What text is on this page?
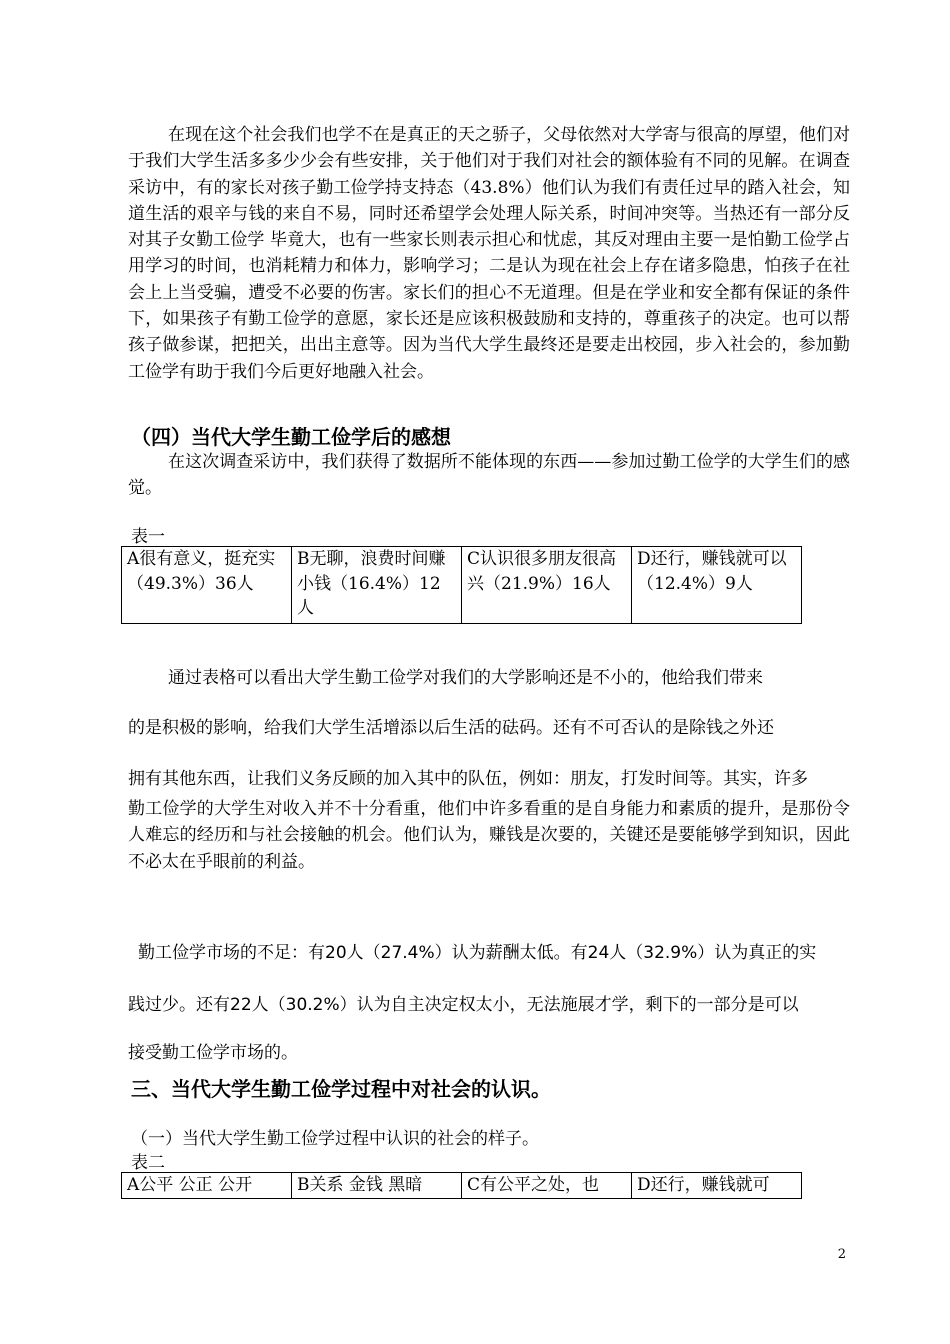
在现在这个社会我们也学不在是真正的天之骄子，父母依然对大学寄与很高的厚望，他们对于我们大学生活多多少少会有些安排，关于他们对于我们对社会的额体验有不同的见解。在调查采访中，有的家长对孩子勤工俭学持支持态（43.8%）他们认为我们有责任过早的踏入社会，知道生活的艰辛与钱的来自不易，同时还希望学会处理人际关系，时间冲突等。当热还有一部分反对其子女勤工俭学 毕竟大，也有一些家长则表示担心和忧虑，其反对理由主要一是怕勤工俭学占用学习的时间，也消耗精力和体力，影响学习；二是认为现在社会上存在诸多隐患，怕孩子在社会上上当受骗，遭受不必要的伤害。家长们的担心不无道理。但是在学业和安全都有保证的条件下，如果孩子有勤工俭学的意愿，家长还是应该积极鼓励和支持的，尊重孩子的决定。也可以帮孩子做参谋，把把关，出出主意等。因为当代大学生最终还是要走出校园，步入社会的，参加勤工俭学有助于我们今后更好地融入社会。

（四）当代大学生勤工俭学后的感想

在这次调查采访中，我们获得了数据所不能体现的东西——参加过勤工俭学的大学生们的感觉。

表一

A很有意义，挺充实（49.3%）36人	B无聊，浪费时间赚小钱（16.4%）12人	C认识很多朋友很高兴（21.9%）16人	D还行，赚钱就可以（12.4%）9人

通过表格可以看出大学生勤工俭学对我们的大学影响还是不小的，他给我们带来

的是积极的影响，给我们大学生活增添以后生活的砝码。还有不可否认的是除钱之外还

拥有其他东西，让我们义务反顾的加入其中的队伍，例如：朋友，打发时间等。其实，许多

勤工俭学的大学生对收入并不十分看重，他们中许多看重的是自身能力和素质的提升，是那份令人难忘的经历和与社会接触的机会。他们认为，赚钱是次要的，关键还是要能够学到知识，因此不必太在乎眼前的利益。

勤工俭学市场的不足：有20人（27.4%）认为薪酬太低。有24人（32.9%）认为真正的实

践过少。还有22人（30.2%）认为自主决定权太小，无法施展才学，剩下的一部分是可以

接受勤工俭学市场的。

三、当代大学生勤工俭学过程中对社会的认识。

（一）当代大学生勤工俭学过程中认识的社会的样子。

表二

A公平 公正 公开	B关系 金钱 黑暗	C有公平之处，也	D还行，赚钱就可
2
